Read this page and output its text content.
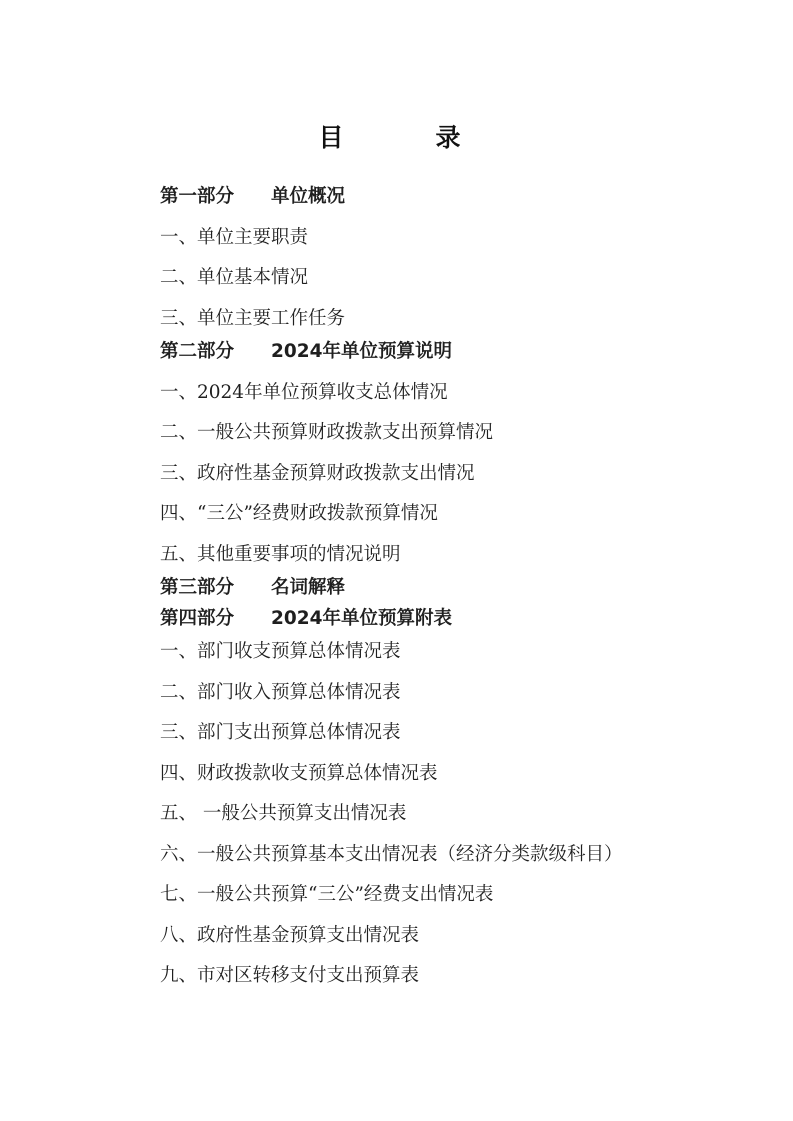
目　　录
第一部分　　单位概况
一、单位主要职责
二、单位基本情况
三、单位主要工作任务
第二部分　　2024年单位预算说明
一、2024年单位预算收支总体情况
二、一般公共预算财政拨款支出预算情况
三、政府性基金预算财政拨款支出情况
四、“三公”经费财政拨款预算情况
五、其他重要事项的情况说明
第三部分　　名词解释
第四部分　　2024年单位预算附表
一、部门收支预算总体情况表
二、部门收入预算总体情况表
三、部门支出预算总体情况表
四、财政拨款收支预算总体情况表
五、 一般公共预算支出情况表
六、一般公共预算基本支出情况表（经济分类款级科目）
七、一般公共预算“三公”经费支出情况表
八、政府性基金预算支出情况表
九、市对区转移支付支出预算表
